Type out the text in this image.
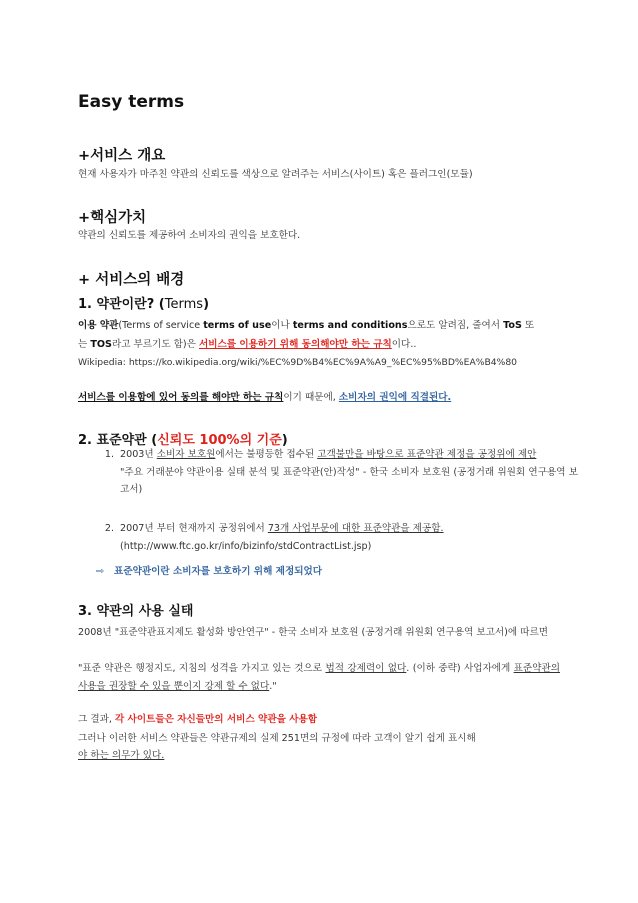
Easy terms
+서비스 개요
현재 사용자가 마주친 약관의 신뢰도를 색상으로 알려주는 서비스(사이트) 혹은 플러그인(모듈)
+핵심가치
약관의 신뢰도를 제공하여 소비자의 권익을 보호한다.
+ 서비스의 배경
1. 약관이란? (Terms)
이용 약관(Terms of service terms of use이나 terms and conditions으로도 알려짐, 줄여서 ToS 또
는 TOS라고 부르기도 함)은 서비스를 이용하기 위해 동의해야만 하는 규칙이다..
Wikipedia: https://ko.wikipedia.org/wiki/%EC%9D%B4%EC%9A%A9_%EC%95%BD%EA%B4%80
서비스를 이용함에 있어 동의를 해야만 하는 규칙이기 때문에, 소비자의 권익에 직결된다.
2. 표준약관 (신뢰도 100%의 기준)
1. 2003년 소비자 보호원에서는 불평등한 접수된 고객불만을 바탕으로 표준약관 제정을 공정위에 제안
"주요 거래분야 약관이용 실태 분석 및 표준약관(안)작성" - 한국 소비자 보호원 (공정거래 위원회 연구용역 보고서)
2. 2007년 부터 현재까지 공정위에서 73개 사업부문에 대한 표준약관을 제공함.
(http://www.ftc.go.kr/info/bizinfo/stdContractList.jsp)
⇨ 표준약관이란 소비자를 보호하기 위해 제정되었다
3. 약관의 사용 실태
2008년 "표준약관표지제도 활성화 방안연구" - 한국 소비자 보호원 (공정거래 위원회 연구용역 보고서)에 따르면
"표준 약관은 행정지도, 지침의 성격을 가지고 있는 것으로 법적 강제력이 없다. (이하 중략) 사업자에게 표준약관의 사용을 권장할 수 있을 뿐이지 강제 할 수 없다."
그 결과, 각 사이트들은 자신들만의 서비스 약관을 사용함
그러나 이러한 서비스 약관들은 약관규제의 실제 251면의 규정에 따라 고객이 알기 쉽게 표시해
야 하는 의무가 있다.
